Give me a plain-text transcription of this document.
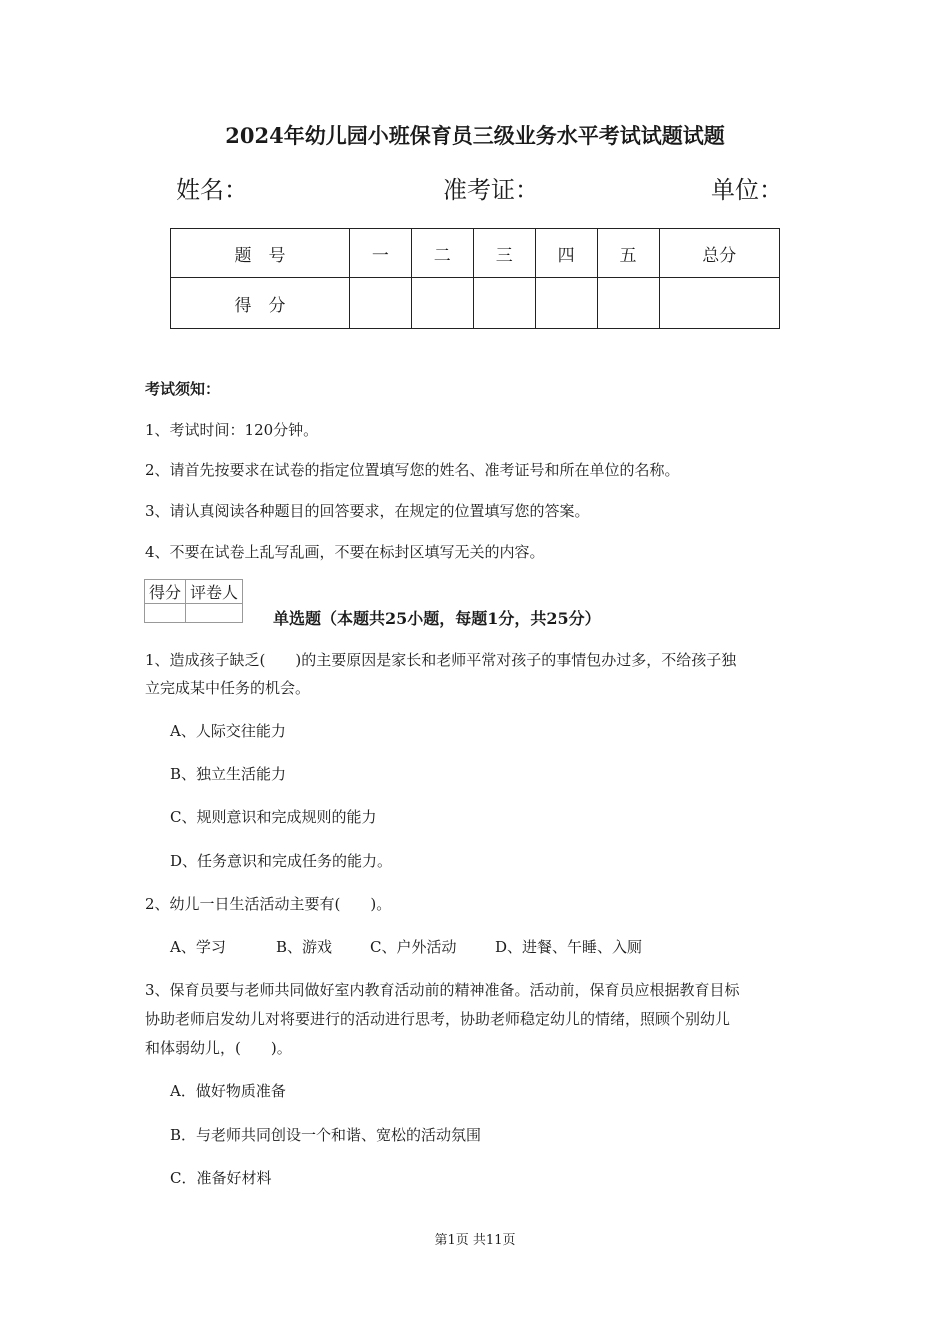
2024年幼儿园小班保育员三级业务水平考试试题试题
姓名：	准考证：	单位：
题　号	一	二	三	四	五	总分
得　分						
考试须知：
1、考试时间：120分钟。
2、请首先按要求在试卷的指定位置填写您的姓名、准考证号和所在单位的名称。
3、请认真阅读各种题目的回答要求，在规定的位置填写您的答案。
4、不要在试卷上乱写乱画，不要在标封区填写无关的内容。
得分	评卷人

单选题（本题共25小题，每题1分，共25分）
1、造成孩子缺乏(　　)的主要原因是家长和老师平常对孩子的事情包办过多，不给孩子独
立完成某中任务的机会。
A、人际交往能力
B、独立生活能力
C、规则意识和完成规则的能力
D、任务意识和完成任务的能力。
2、幼儿一日生活活动主要有(　　)。
A、学习	B、游戏	C、户外活动	D、进餐、午睡、入厕
3、保育员要与老师共同做好室内教育活动前的精神准备。活动前，保育员应根据教育目标
协助老师启发幼儿对将要进行的活动进行思考，协助老师稳定幼儿的情绪，照顾个别幼儿
和体弱幼儿，(　　)。
A．做好物质准备
B．与老师共同创设一个和谐、宽松的活动氛围
C．准备好材料
第1页 共11页
